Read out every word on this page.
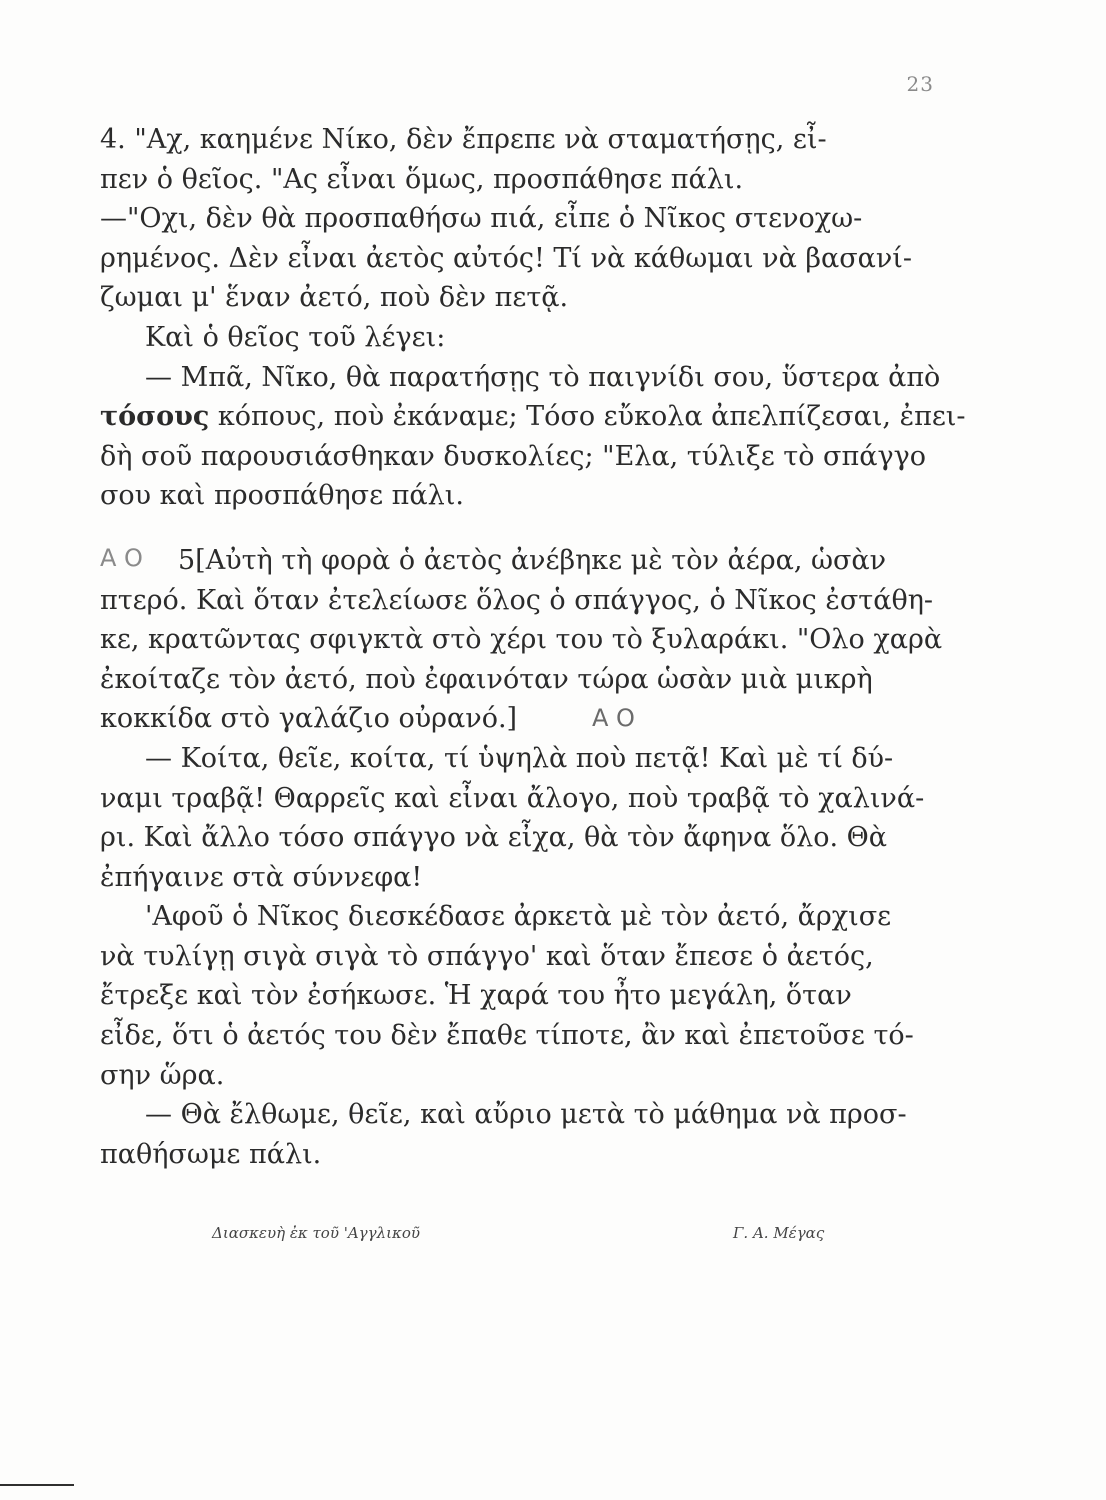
23
4. "Αχ, καημένε Νίκο, δὲν ἔπρεπε νὰ σταματήσῃς, εἶ-
πεν ὁ θεῖος. "Ας εἶναι ὅμως, προσπάθησε πάλι.
—"Οχι, δὲν θὰ προσπαθήσω πιά, εἶπε ὁ Νῖκος στενοχω-
ρημένος. Δὲν εἶναι ἀετὸς αὐτός! Τί νὰ κάθωμαι νὰ βασανί-
ζωμαι μ' ἕναν ἀετό, ποὺ δὲν πετᾷ.
Καὶ ὁ θεῖος τοῦ λέγει:
— Μπᾶ, Νῖκο, θὰ παρατήσῃς τὸ παιγνίδι σου, ὕστερα ἀπὸ
τόσους κόπους, ποὺ ἐκάναμε; Τόσο εὔκολα ἀπελπίζεσαι, ἐπει-
δὴ σοῦ παρουσιάσθηκαν δυσκολίες; "Ελα, τύλιξε τὸ σπάγγο
σου καὶ προσπάθησε πάλι.
5[Αὐτὴ τὴ φορὰ ὁ ἀετὸς ἀνέβηκε μὲ τὸν ἀέρα, ὡσὰν
πτερό. Καὶ ὅταν ἐτελείωσε ὅλος ὁ σπάγγος, ὁ Νῖκος ἐστάθη-
κε, κρατῶντας σφιγκτὰ στὸ χέρι του τὸ ξυλαράκι. "Ολο χαρὰ
ἐκοίταζε τὸν ἀετό, ποὺ ἐφαινόταν τώρα ὡσὰν μιὰ μικρὴ
κοκκίδα στὸ γαλάζιο οὐρανό.]
— Κοίτα, θεῖε, κοίτα, τί ὑψηλὰ ποὺ πετᾷ! Καὶ μὲ τί δύ-
ναμι τραβᾷ! Θαρρεῖς καὶ εἶναι ἄλογο, ποὺ τραβᾷ τὸ χαλινά-
ρι. Καὶ ἄλλο τόσο σπάγγο νὰ εἶχα, θὰ τὸν ἄφηνα ὅλο. Θὰ
ἐπήγαινε στὰ σύννεφα!
'Αφοῦ ὁ Νῖκος διεσκέδασε ἀρκετὰ μὲ τὸν ἀετό, ἄρχισε
νὰ τυλίγῃ σιγὰ σιγὰ τὸ σπάγγο' καὶ ὅταν ἔπεσε ὁ ἀετός,
ἔτρεξε καὶ τὸν ἐσήκωσε. Ἡ χαρά του ἦτο μεγάλη, ὅταν
εἶδε, ὅτι ὁ ἀετός του δὲν ἔπαθε τίποτε, ἂν καὶ ἐπετοῦσε τό-
σην ὥρα.
— Θὰ ἔλθωμε, θεῖε, καὶ αὔριο μετὰ τὸ μάθημα νὰ προσ-
παθήσωμε πάλι.
Α Ο
Α Ο
Διασκευὴ ἐκ τοῦ 'Αγγλικοῦ	Γ. Α. Μέγας
